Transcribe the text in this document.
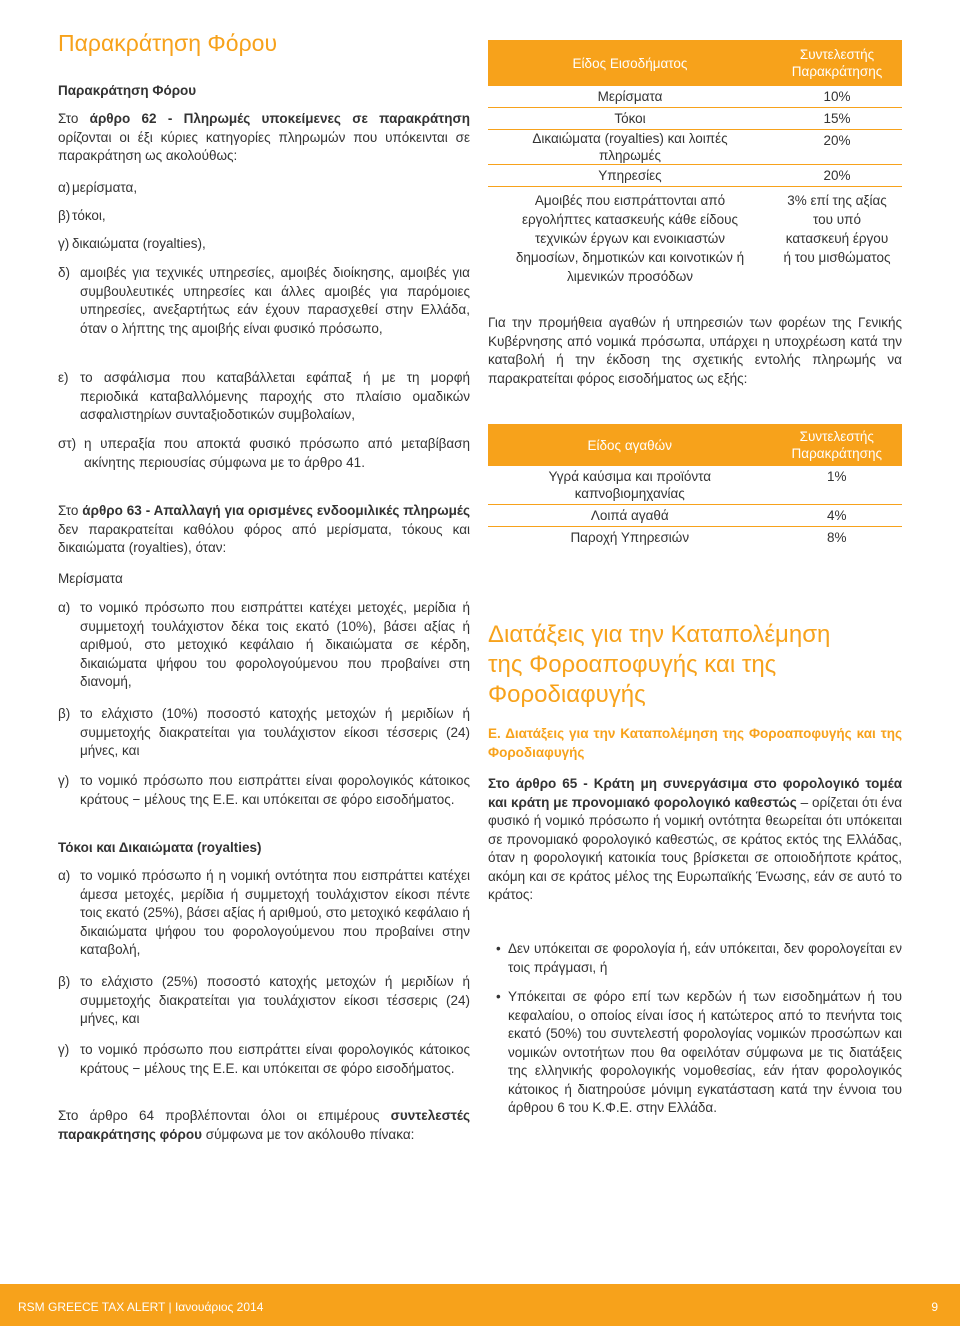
Παρακράτηση Φόρου

Παρακράτηση Φόρου

Στο άρθρο 62 - Πληρωμές υποκείμενες σε παρακράτηση ορίζονται οι έξι κύριες κατηγορίες πληρωμών που υπόκεινται σε παρακράτηση ως ακολούθως:

α) μερίσματα,
β) τόκοι,
γ) δικαιώματα (royalties),
δ) αμοιβές για τεχνικές υπηρεσίες, αμοιβές διοίκησης, αμοιβές για συμβουλευτικές υπηρεσίες και άλλες αμοιβές για παρόμοιες υπηρεσίες, ανεξαρτήτως εάν έχουν παρασχεθεί στην Ελλάδα, όταν ο λήπτης της αμοιβής είναι φυσικό πρόσωπο,
ε) το ασφάλισμα που καταβάλλεται εφάπαξ ή με τη μορφή περιοδικά καταβαλλόμενης παροχής στο πλαίσιο ομαδικών ασφαλιστηρίων συνταξιοδοτικών συμβολαίων,
στ) η υπεραξία που αποκτά φυσικό πρόσωπο από μεταβίβαση ακίνητης περιουσίας σύμφωνα με το άρθρο 41.

Στο άρθρο 63 - Απαλλαγή για ορισμένες ενδοομιλικές πληρωμές δεν παρακρατείται καθόλου φόρος από μερίσματα, τόκους και δικαιώματα (royalties), όταν:

Μερίσματα

α) το νομικό πρόσωπο που εισπράττει κατέχει μετοχές, μερίδια ή συμμετοχή τουλάχιστον δέκα τοις εκατό (10%), βάσει αξίας ή αριθμού, στο μετοχικό κεφάλαιο ή δικαιώματα σε κέρδη, δικαιώματα ψήφου του φορολογούμενου που προβαίνει στη διανομή,
β) το ελάχιστο (10%) ποσοστό κατοχής μετοχών ή μεριδίων ή συμμετοχής διακρατείται για τουλάχιστον είκοσι τέσσερις (24) μήνες, και
γ) το νομικό πρόσωπο που εισπράττει είναι φορολογικός κάτοικος κράτους − μέλους της Ε.Ε. και υπόκειται σε φόρο εισοδήματος.

Τόκοι και Δικαιώματα (royalties)

α) το νομικό πρόσωπο ή η νομική οντότητα που εισπράττει κατέχει άμεσα μετοχές, μερίδια ή συμμετοχή τουλάχιστον είκοσι πέντε τοις εκατό (25%), βάσει αξίας ή αριθμού, στο μετοχικό κεφάλαιο ή δικαιώματα ψήφου του φορολογούμενου που προβαίνει στην καταβολή,
β) το ελάχιστο (25%) ποσοστό κατοχής μετοχών ή μεριδίων ή συμμετοχής διακρατείται για τουλάχιστον είκοσι τέσσερις (24) μήνες, και
γ) το νομικό πρόσωπο που εισπράττει είναι φορολογικός κάτοικος κράτους − μέλους της Ε.Ε. και υπόκειται σε φόρο εισοδήματος.

Στο άρθρο 64 προβλέπονται όλοι οι επιμέρους συντελεστές παρακράτησης φόρου σύμφωνα με τον ακόλουθο πίνακα:

Είδος Εισοδήματος	Συντελεστής Παρακράτησης
Μερίσματα	10%
Τόκοι	15%
Δικαιώματα (royalties) και λοιπές πληρωμές	20%
Υπηρεσίες	20%
Αμοιβές που εισπράττονται από εργολήπτες κατασκευής κάθε είδους τεχνικών έργων και ενοικιαστών δημοσίων, δημοτικών και κοινοτικών ή λιμενικών προσόδων	3% επί της αξίας του υπό κατασκευή έργου ή του μισθώματος

Για την προμήθεια αγαθών ή υπηρεσιών των φορέων της Γενικής Κυβέρνησης από νομικά πρόσωπα, υπάρχει η υποχρέωση κατά την καταβολή ή την έκδοση της σχετικής εντολής πληρωμής να παρακρατείται φόρος εισοδήματος ως εξής:

Είδος αγαθών	Συντελεστής Παρακράτησης
Υγρά καύσιμα και προϊόντα καπνοβιομηχανίας	1%
Λοιπά αγαθά	4%
Παροχή Υπηρεσιών	8%
Διατάξεις για την Καταπολέμηση της Φοροαποφυγής και της Φοροδιαφυγής

Ε. Διατάξεις για την Καταπολέμηση της Φοροαποφυγής και της Φοροδιαφυγής

Στο άρθρο 65 - Κράτη μη συνεργάσιμα στο φορολογικό τομέα και κράτη με προνομιακό φορολογικό καθεστώς – ορίζεται ότι ένα φυσικό ή νομικό πρόσωπο ή νομική οντότητα θεωρείται ότι υπόκειται σε προνομιακό φορολογικό καθεστώς, σε κράτος εκτός της Ελλάδας, όταν η φορολογική κατοικία τους βρίσκεται σε οποιοδήποτε κράτος, ακόμη και σε κράτος μέλος της Ευρωπαϊκής Ένωσης, εάν σε αυτό το κράτος:

• Δεν υπόκειται σε φορολογία ή, εάν υπόκειται, δεν φορολογείται εν τοις πράγμασι, ή
• Υπόκειται σε φόρο επί των κερδών ή των εισοδημάτων ή του κεφαλαίου, ο οποίος είναι ίσος ή κατώτερος από το πενήντα τοις εκατό (50%) του συντελεστή φορολογίας νομικών προσώπων και νομικών οντοτήτων που θα οφειλόταν σύμφωνα με τις διατάξεις της ελληνικής φορολογικής νομοθεσίας, εάν ήταν φορολογικός κάτοικος ή διατηρούσε μόνιμη εγκατάσταση κατά την έννοια του άρθρου 6 του Κ.Φ.Ε. στην Ελλάδα.
RSM GREECE TAX ALERT | Ιανουάριος 2014	9
